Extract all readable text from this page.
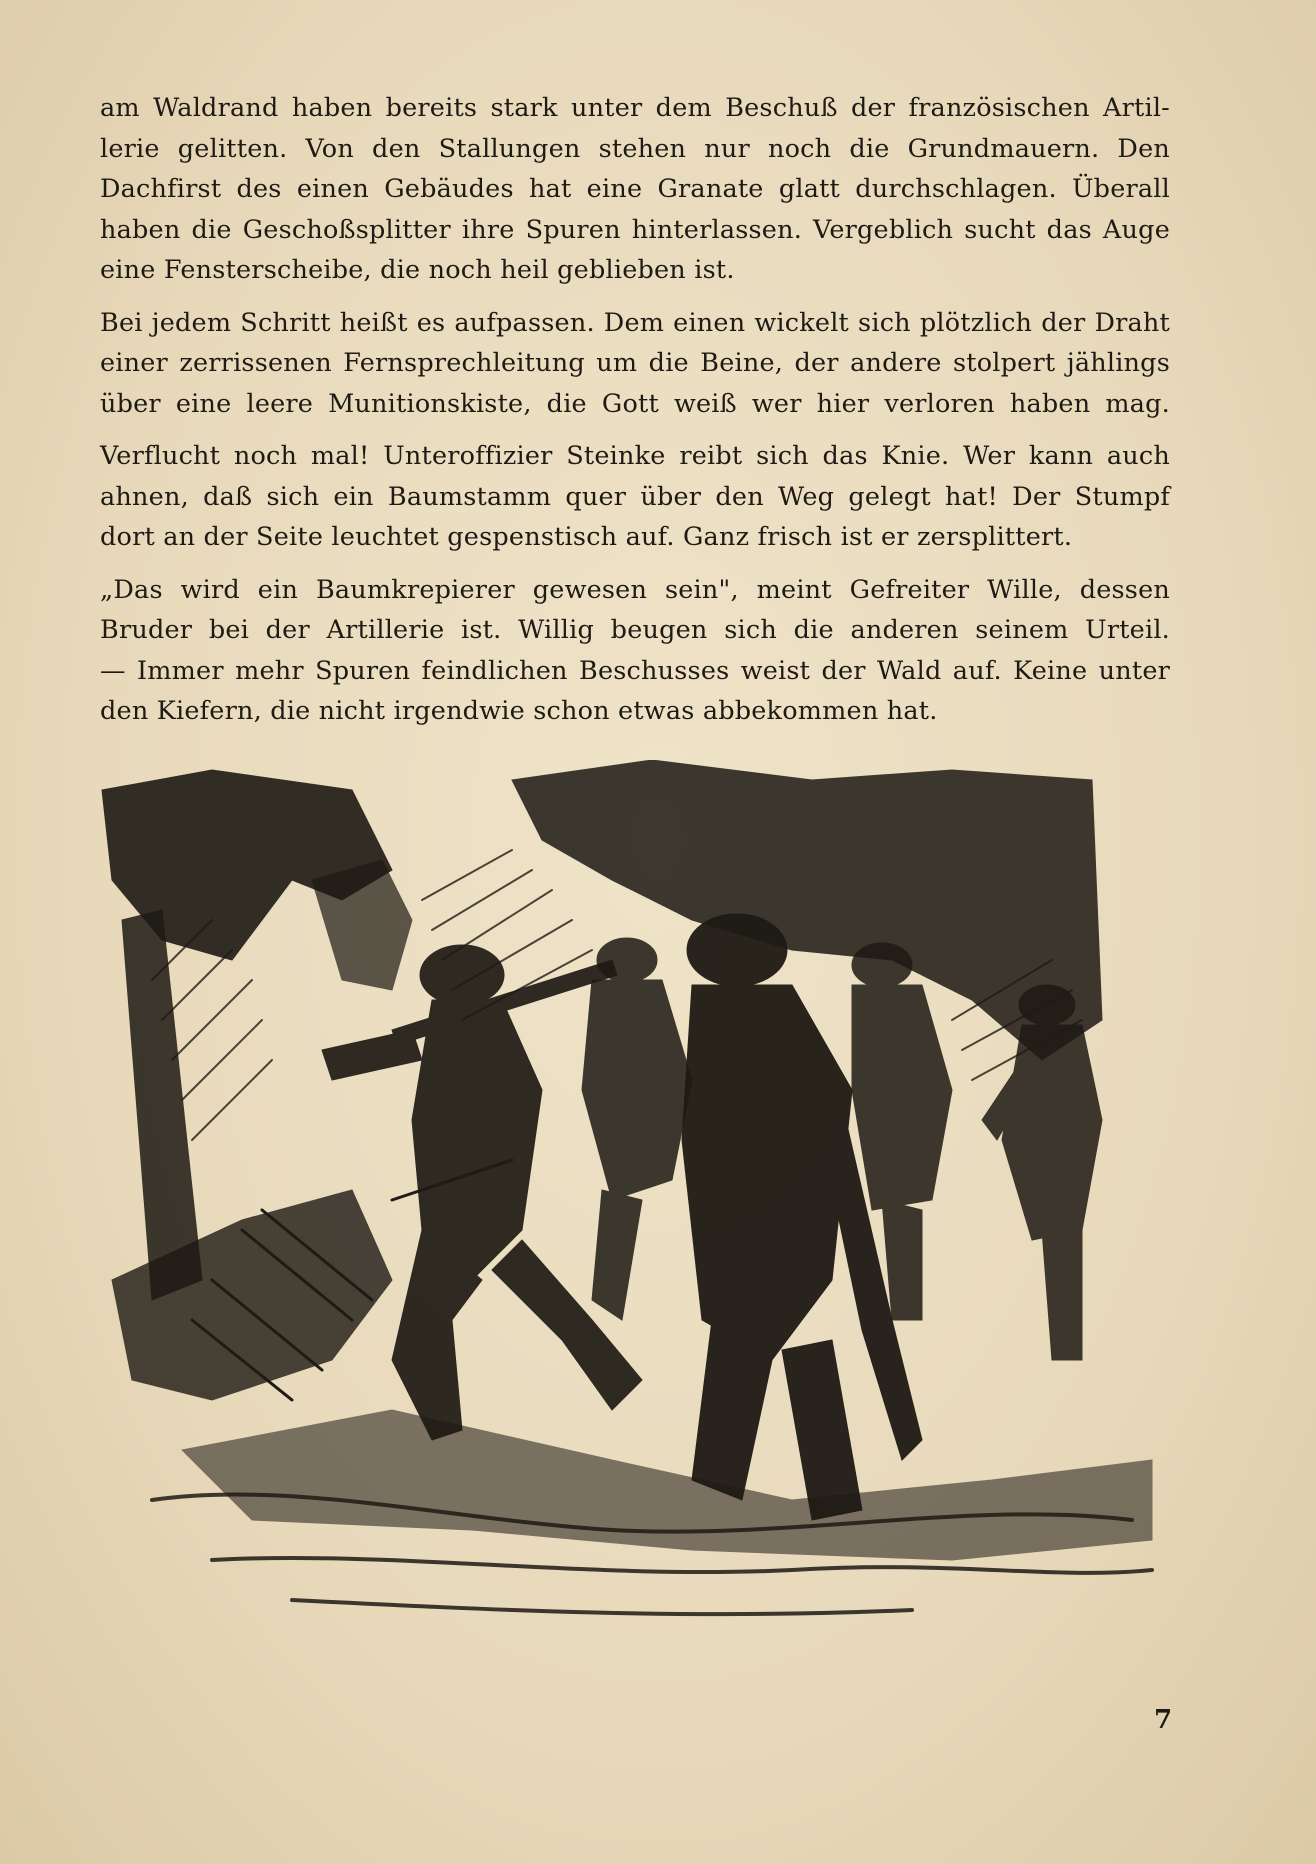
am Waldrand haben bereits stark unter dem Beschuß der französischen Artil-
lerie gelitten. Von den Stallungen stehen nur noch die Grundmauern. Den
Dachfirst des einen Gebäudes hat eine Granate glatt durchschlagen. Überall
haben die Geschoßsplitter ihre Spuren hinterlassen. Vergeblich sucht das Auge
eine Fensterscheibe, die noch heil geblieben ist.

Bei jedem Schritt heißt es aufpassen. Dem einen wickelt sich plötzlich der Draht
einer zerrissenen Fernsprechleitung um die Beine, der andere stolpert jählings
über eine leere Munitionskiste, die Gott weiß wer hier verloren haben mag.

Verflucht noch mal! Unteroffizier Steinke reibt sich das Knie. Wer kann auch
ahnen, daß sich ein Baumstamm quer über den Weg gelegt hat! Der Stumpf
dort an der Seite leuchtet gespenstisch auf. Ganz frisch ist er zersplittert.

„Das wird ein Baumkrepierer gewesen sein", meint Gefreiter Wille, dessen
Bruder bei der Artillerie ist. Willig beugen sich die anderen seinem Urteil.
— Immer mehr Spuren feindlichen Beschusses weist der Wald auf. Keine unter
den Kiefern, die nicht irgendwie schon etwas abbekommen hat.

7
